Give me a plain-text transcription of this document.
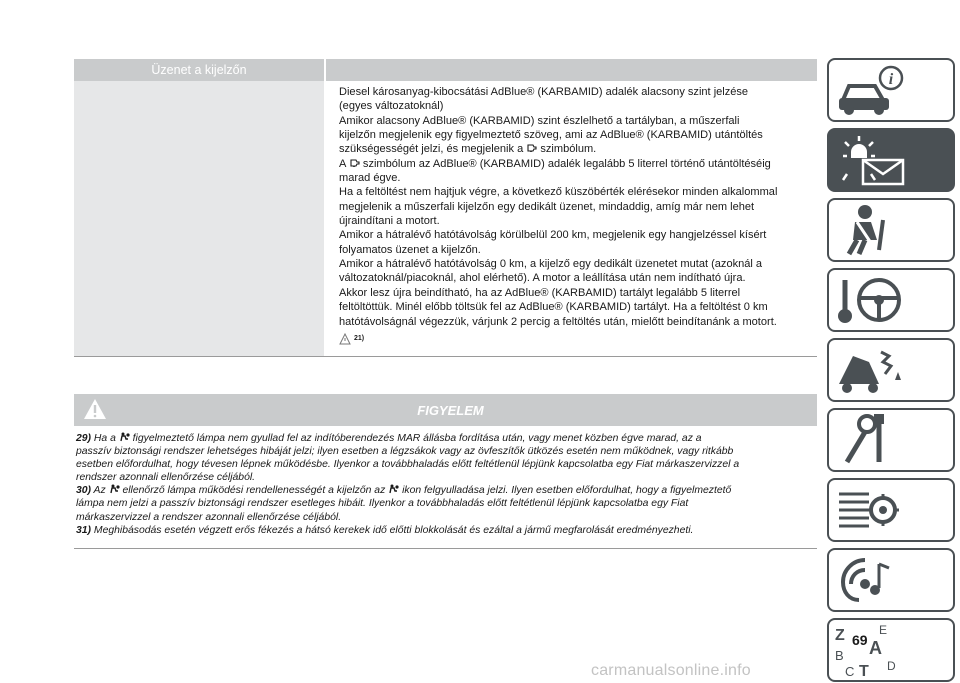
Üzenet a kijelzőn

Diesel károsanyag-kibocsátási AdBlue® (KARBAMID) adalék alacsony szint jelzése

(egyes változatoknál)

Amikor alacsony AdBlue® (KARBAMID) szint észlelhető a tartályban, a műszerfali

kijelzőn megjelenik egy figyelmeztető szöveg, ami az AdBlue® (KARBAMID) utántöltés

szükségességét jelzi, és megjelenik a szimbólum.

A szimbólum az AdBlue® (KARBAMID) adalék legalább 5 literrel történő utántöltéséig

marad égve.

Ha a feltöltést nem hajtjuk végre, a következő küszöbérték elérésekor minden alkalommal

megjelenik a műszerfali kijelzőn egy dedikált üzenet, mindaddig, amíg már nem lehet

újraindítani a motort.

Amikor a hátralévő hatótávolság körülbelül 200 km, megjelenik egy hangjelzéssel kísért

folyamatos üzenet a kijelzőn.

Amikor a hátralévő hatótávolság 0 km, a kijelző egy dedikált üzenetet mutat (azoknál a

változatoknál/piacoknál, ahol elérhető). A motor a leállítása után nem indítható újra.

Akkor lesz újra beindítható, ha az AdBlue® (KARBAMID) tartályt legalább 5 literrel

feltöltöttük. Minél előbb töltsük fel az AdBlue® (KARBAMID) tartályt. Ha a feltöltést 0 km

hatótávolságnál végezzük, várjunk 2 percig a feltöltés után, mielőtt beindítanánk a motort.

21)
FIGYELEM

29) Ha a figyelmeztető lámpa nem gyullad fel az indítóberendezés MAR állásba fordítása után, vagy menet közben égve marad, az a

passzív biztonsági rendszer lehetséges hibáját jelzi; ilyen esetben a légzsákok vagy az övfeszítők ütközés esetén nem működnek, vagy ritkább

esetben előfordulhat, hogy tévesen lépnek működésbe. Ilyenkor a továbbhaladás előtt feltétlenül lépjünk kapcsolatba egy Fiat márkaszervizzel a

rendszer azonnali ellenőrzése céljából.

30) Az ellenőrző lámpa működési rendellenességét a kijelzőn az ikon felgyulladása jelzi. Ilyen esetben előfordulhat, hogy a figyelmeztető

lámpa nem jelzi a passzív biztonsági rendszer esetleges hibáit. Ilyenkor a továbbhaladás előtt feltétlenül lépjünk kapcsolatba egy Fiat

márkaszervizzel a rendszer azonnali ellenőrzése céljából.

31) Meghibásodás esetén végzett erős fékezés a hátsó kerekek idő előtti blokkolását és ezáltal a jármű megfarolását eredményezheti.

i
Z	E
B A
C T D
69
carmanualsonline.info
